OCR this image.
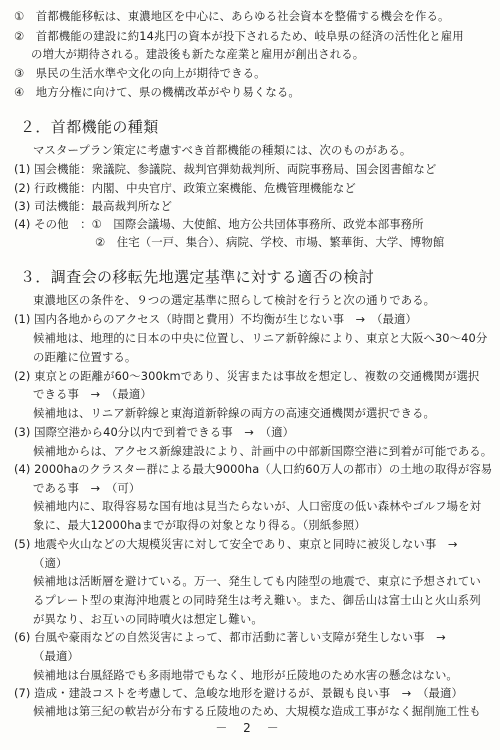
①　首都機能移転は、東濃地区を中心に、あらゆる社会資本を整備する機会を作る。
②　首都機能の建設に約14兆円の資本が投下されるため、岐阜県の経済の活性化と雇用
の増大が期待される。建設後も新たな産業と雇用が創出される。
③　県民の生活水準や文化の向上が期待できる。
④　地方分権に向けて、県の機構改革がやり易くなる。
２．首都機能の種類
マスタープラン策定に考慮すべき首都機能の種類には、次のものがある。
(1) 国会機能：衆議院、参議院、裁判官弾劾裁判所、両院事務局、国会図書館など
(2) 行政機能：内閣、中央官庁、政策立案機能、危機管理機能など
(3) 司法機能：最高裁判所など
(4) その他　：①　国際会議場、大使館、地方公共団体事務所、政党本部事務所
②　住宅（一戸、集合）、病院、学校、市場、繁華街、大学、博物館
３．調査会の移転先地選定基準に対する適否の検討
東濃地区の条件を、９つの選定基準に照らして検討を行うと次の通りである。
(1) 国内各地からのアクセス（時間と費用）不均衡が生じない事　→　（最適）
候補地は、地理的に日本の中央に位置し、リニア新幹線により、東京と大阪へ30～40分
の距離に位置する。
(2) 東京との距離が60～300kmであり、災害または事故を想定し、複数の交通機関が選択
できる事　→　（最適）
候補地は、リニア新幹線と東海道新幹線の両方の高速交通機関が選択できる。
(3) 国際空港から40分以内で到着できる事　→　（適）
候補地からは、アクセス新線建設により、計画中の中部新国際空港に到着が可能である。
(4) 2000haのクラスター群による最大9000ha（人口約60万人の都市）の土地の取得が容易
である事　→　（可）
候補地内に、取得容易な国有地は見当たらないが、人口密度の低い森林やゴルフ場を対
象に、最大12000haまでが取得の対象となり得る。（別紙参照）
(5) 地震や火山などの大規模災害に対して安全であり、東京と同時に被災しない事　→
（適）
候補地は活断層を避けている。万一、発生しても内陸型の地震で、東京に予想されてい
るプレート型の東海沖地震との同時発生は考え難い。また、御岳山は富士山と火山系列
が異なり、お互いの同時噴火は想定し難い。
(6) 台風や豪雨などの自然災害によって、都市活動に著しい支障が発生しない事　→
（最適）
候補地は台風経路でも多雨地帯でもなく、地形が丘陵地のため水害の懸念はない。
(7) 造成・建設コストを考慮して、急峻な地形を避けるが、景観も良い事　→　（最適）
候補地は第三紀の軟岩が分布する丘陵地のため、大規模な造成工事がなく掘削施工性も
－ 2 －
